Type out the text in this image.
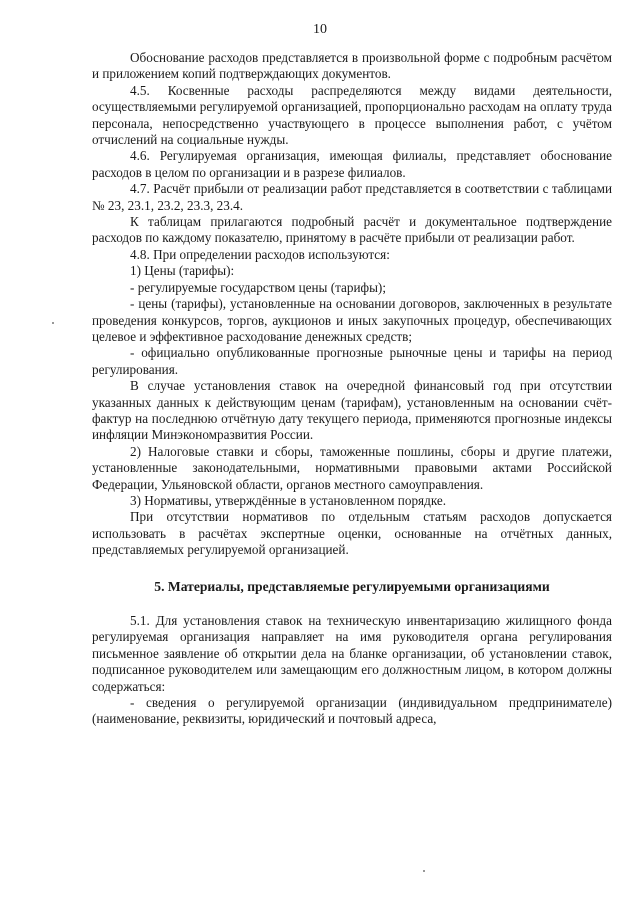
10

Обоснование расходов представляется в произвольной форме с подробным расчётом и приложением копий подтверждающих документов.

4.5. Косвенные расходы распределяются между видами деятельности, осуществляемыми регулируемой организацией, пропорционально расходам на оплату труда персонала, непосредственно участвующего в процессе выполнения работ, с учётом отчислений на социальные нужды.

4.6. Регулируемая организация, имеющая филиалы, представляет обоснование расходов в целом по организации и в разрезе филиалов.

4.7. Расчёт прибыли от реализации работ представляется в соответствии с таблицами № 23, 23.1, 23.2, 23.3, 23.4.

К таблицам прилагаются подробный расчёт и документальное подтверждение расходов по каждому показателю, принятому в расчёте прибыли от реализации работ.

4.8. При определении расходов используются:

1) Цены (тарифы):

- регулируемые государством цены (тарифы);

- цены (тарифы), установленные на основании договоров, заключенных в результате проведения конкурсов, торгов, аукционов и иных закупочных процедур, обеспечивающих целевое и эффективное расходование денежных средств;

- официально опубликованные прогнозные рыночные цены и тарифы на период регулирования.

В случае установления ставок на очередной финансовый год при отсутствии указанных данных к действующим ценам (тарифам), установленным на основании счёт-фактур на последнюю отчётную дату текущего периода, применяются прогнозные индексы инфляции Минэкономразвития России.

2) Налоговые ставки и сборы, таможенные пошлины, сборы и другие платежи, установленные законодательными, нормативными правовыми актами Российской Федерации, Ульяновской области, органов местного самоуправления.

3) Нормативы, утверждённые в установленном порядке.

При отсутствии нормативов по отдельным статьям расходов допускается использовать в расчётах экспертные оценки, основанные на отчётных данных, представляемых регулируемой организацией.

5. Материалы, представляемые регулируемыми организациями

5.1. Для установления ставок на техническую инвентаризацию жилищного фонда регулируемая организация направляет на имя руководителя органа регулирования письменное заявление об открытии дела на бланке организации, об установлении ставок, подписанное руководителем или замещающим его должностным лицом, в котором должны содержаться:

- сведения о регулируемой организации (индивидуальном предпринимателе) (наименование, реквизиты, юридический и почтовый адреса,
